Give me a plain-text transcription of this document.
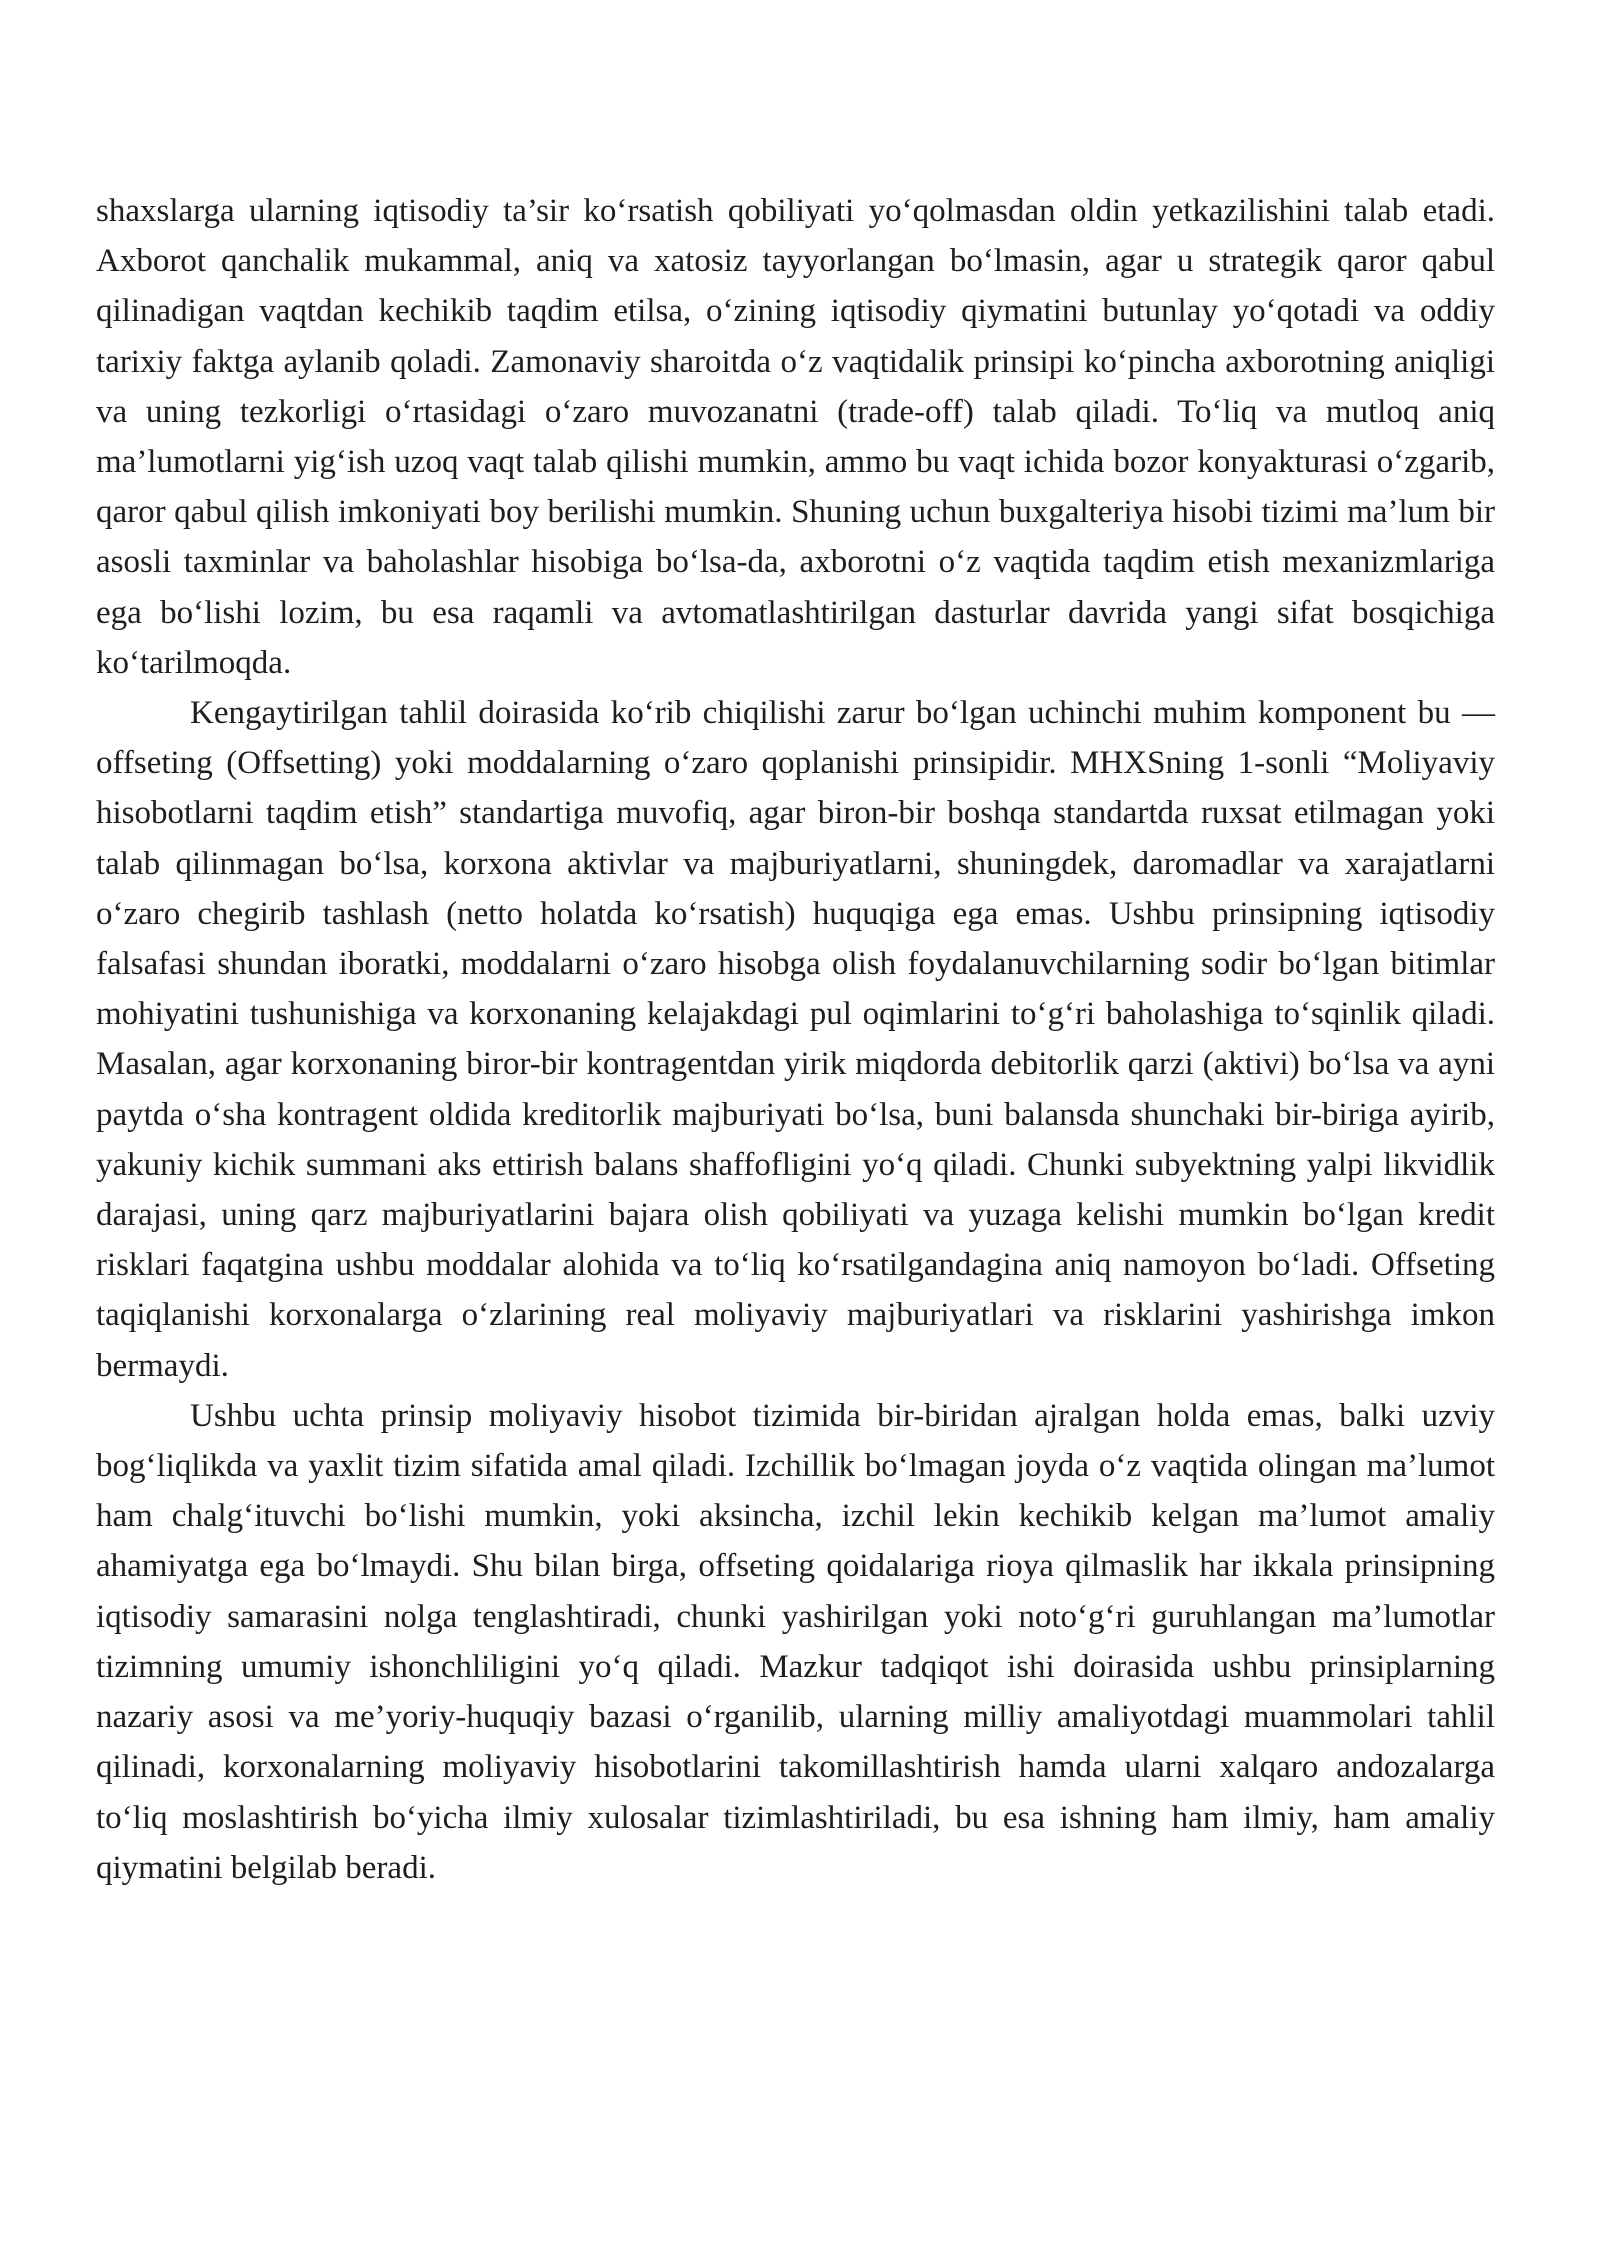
shaxslarga ularning iqtisodiy ta’sir ko‘rsatish qobiliyati yo‘qolmasdan oldin yetkazilishini talab etadi. Axborot qanchalik mukammal, aniq va xatosiz tayyorlangan bo‘lmasin, agar u strategik qaror qabul qilinadigan vaqtdan kechikib taqdim etilsa, o‘zining iqtisodiy qiymatini butunlay yo‘qotadi va oddiy tarixiy faktga aylanib qoladi. Zamonaviy sharoitda o‘z vaqtidalik prinsipi ko‘pincha axborotning aniqligi va uning tezkorligi o‘rtasidagi o‘zaro muvozanatni (trade-off) talab qiladi. To‘liq va mutloq aniq ma’lumotlarni yig‘ish uzoq vaqt talab qilishi mumkin, ammo bu vaqt ichida bozor konyakturasi o‘zgarib, qaror qabul qilish imkoniyati boy berilishi mumkin. Shuning uchun buxgalteriya hisobi tizimi ma’lum bir asosli taxminlar va baholashlar hisobiga bo‘lsa-da, axborotni o‘z vaqtida taqdim etish mexanizmlariga ega bo‘lishi lozim, bu esa raqamli va avtomatlashtirilgan dasturlar davrida yangi sifat bosqichiga ko‘tarilmoqda.

Kengaytirilgan tahlil doirasida ko‘rib chiqilishi zarur bo‘lgan uchinchi muhim komponent bu — offseting (Offsetting) yoki moddalarning o‘zaro qoplanishi prinsipidir. MHXSning 1-sonli “Moliyaviy hisobotlarni taqdim etish” standartiga muvofiq, agar biron-bir boshqa standartda ruxsat etilmagan yoki talab qilinmagan bo‘lsa, korxona aktivlar va majburiyatlarni, shuningdek, daromadlar va xarajatlarni o‘zaro chegirib tashlash (netto holatda ko‘rsatish) huquqiga ega emas. Ushbu prinsipning iqtisodiy falsafasi shundan iboratki, moddalarni o‘zaro hisobga olish foydalanuvchilarning sodir bo‘lgan bitimlar mohiyatini tushunishiga va korxonaning kelajakdagi pul oqimlarini to‘g‘ri baholashiga to‘sqinlik qiladi. Masalan, agar korxonaning biror-bir kontragentdan yirik miqdorda debitorlik qarzi (aktivi) bo‘lsa va ayni paytda o‘sha kontragent oldida kreditorlik majburiyati bo‘lsa, buni balansda shunchaki bir-biriga ayirib, yakuniy kichik summani aks ettirish balans shaffofligini yo‘q qiladi. Chunki subyektning yalpi likvidlik darajasi, uning qarz majburiyatlarini bajara olish qobiliyati va yuzaga kelishi mumkin bo‘lgan kredit risklari faqatgina ushbu moddalar alohida va to‘liq ko‘rsatilgandagina aniq namoyon bo‘ladi. Offseting taqiqlanishi korxonalarga o‘zlarining real moliyaviy majburiyatlari va risklarini yashirishga imkon bermaydi.

Ushbu uchta prinsip moliyaviy hisobot tizimida bir-biridan ajralgan holda emas, balki uzviy bog‘liqlikda va yaxlit tizim sifatida amal qiladi. Izchillik bo‘lmagan joyda o‘z vaqtida olingan ma’lumot ham chalg‘ituvchi bo‘lishi mumkin, yoki aksincha, izchil lekin kechikib kelgan ma’lumot amaliy ahamiyatga ega bo‘lmaydi. Shu bilan birga, offseting qoidalariga rioya qilmaslik har ikkala prinsipning iqtisodiy samarasini nolga tenglashtiradi, chunki yashirilgan yoki noto‘g‘ri guruhlangan ma’lumotlar tizimning umumiy ishonchliligini yo‘q qiladi. Mazkur tadqiqot ishi doirasida ushbu prinsiplarning nazariy asosi va me’yoriy-huquqiy bazasi o‘rganilib, ularning milliy amaliyotdagi muammolari tahlil qilinadi, korxonalarning moliyaviy hisobotlarini takomillashtirish hamda ularni xalqaro andozalarga to‘liq moslashtirish bo‘yicha ilmiy xulosalar tizimlashtiriladi, bu esa ishning ham ilmiy, ham amaliy qiymatini belgilab beradi.
